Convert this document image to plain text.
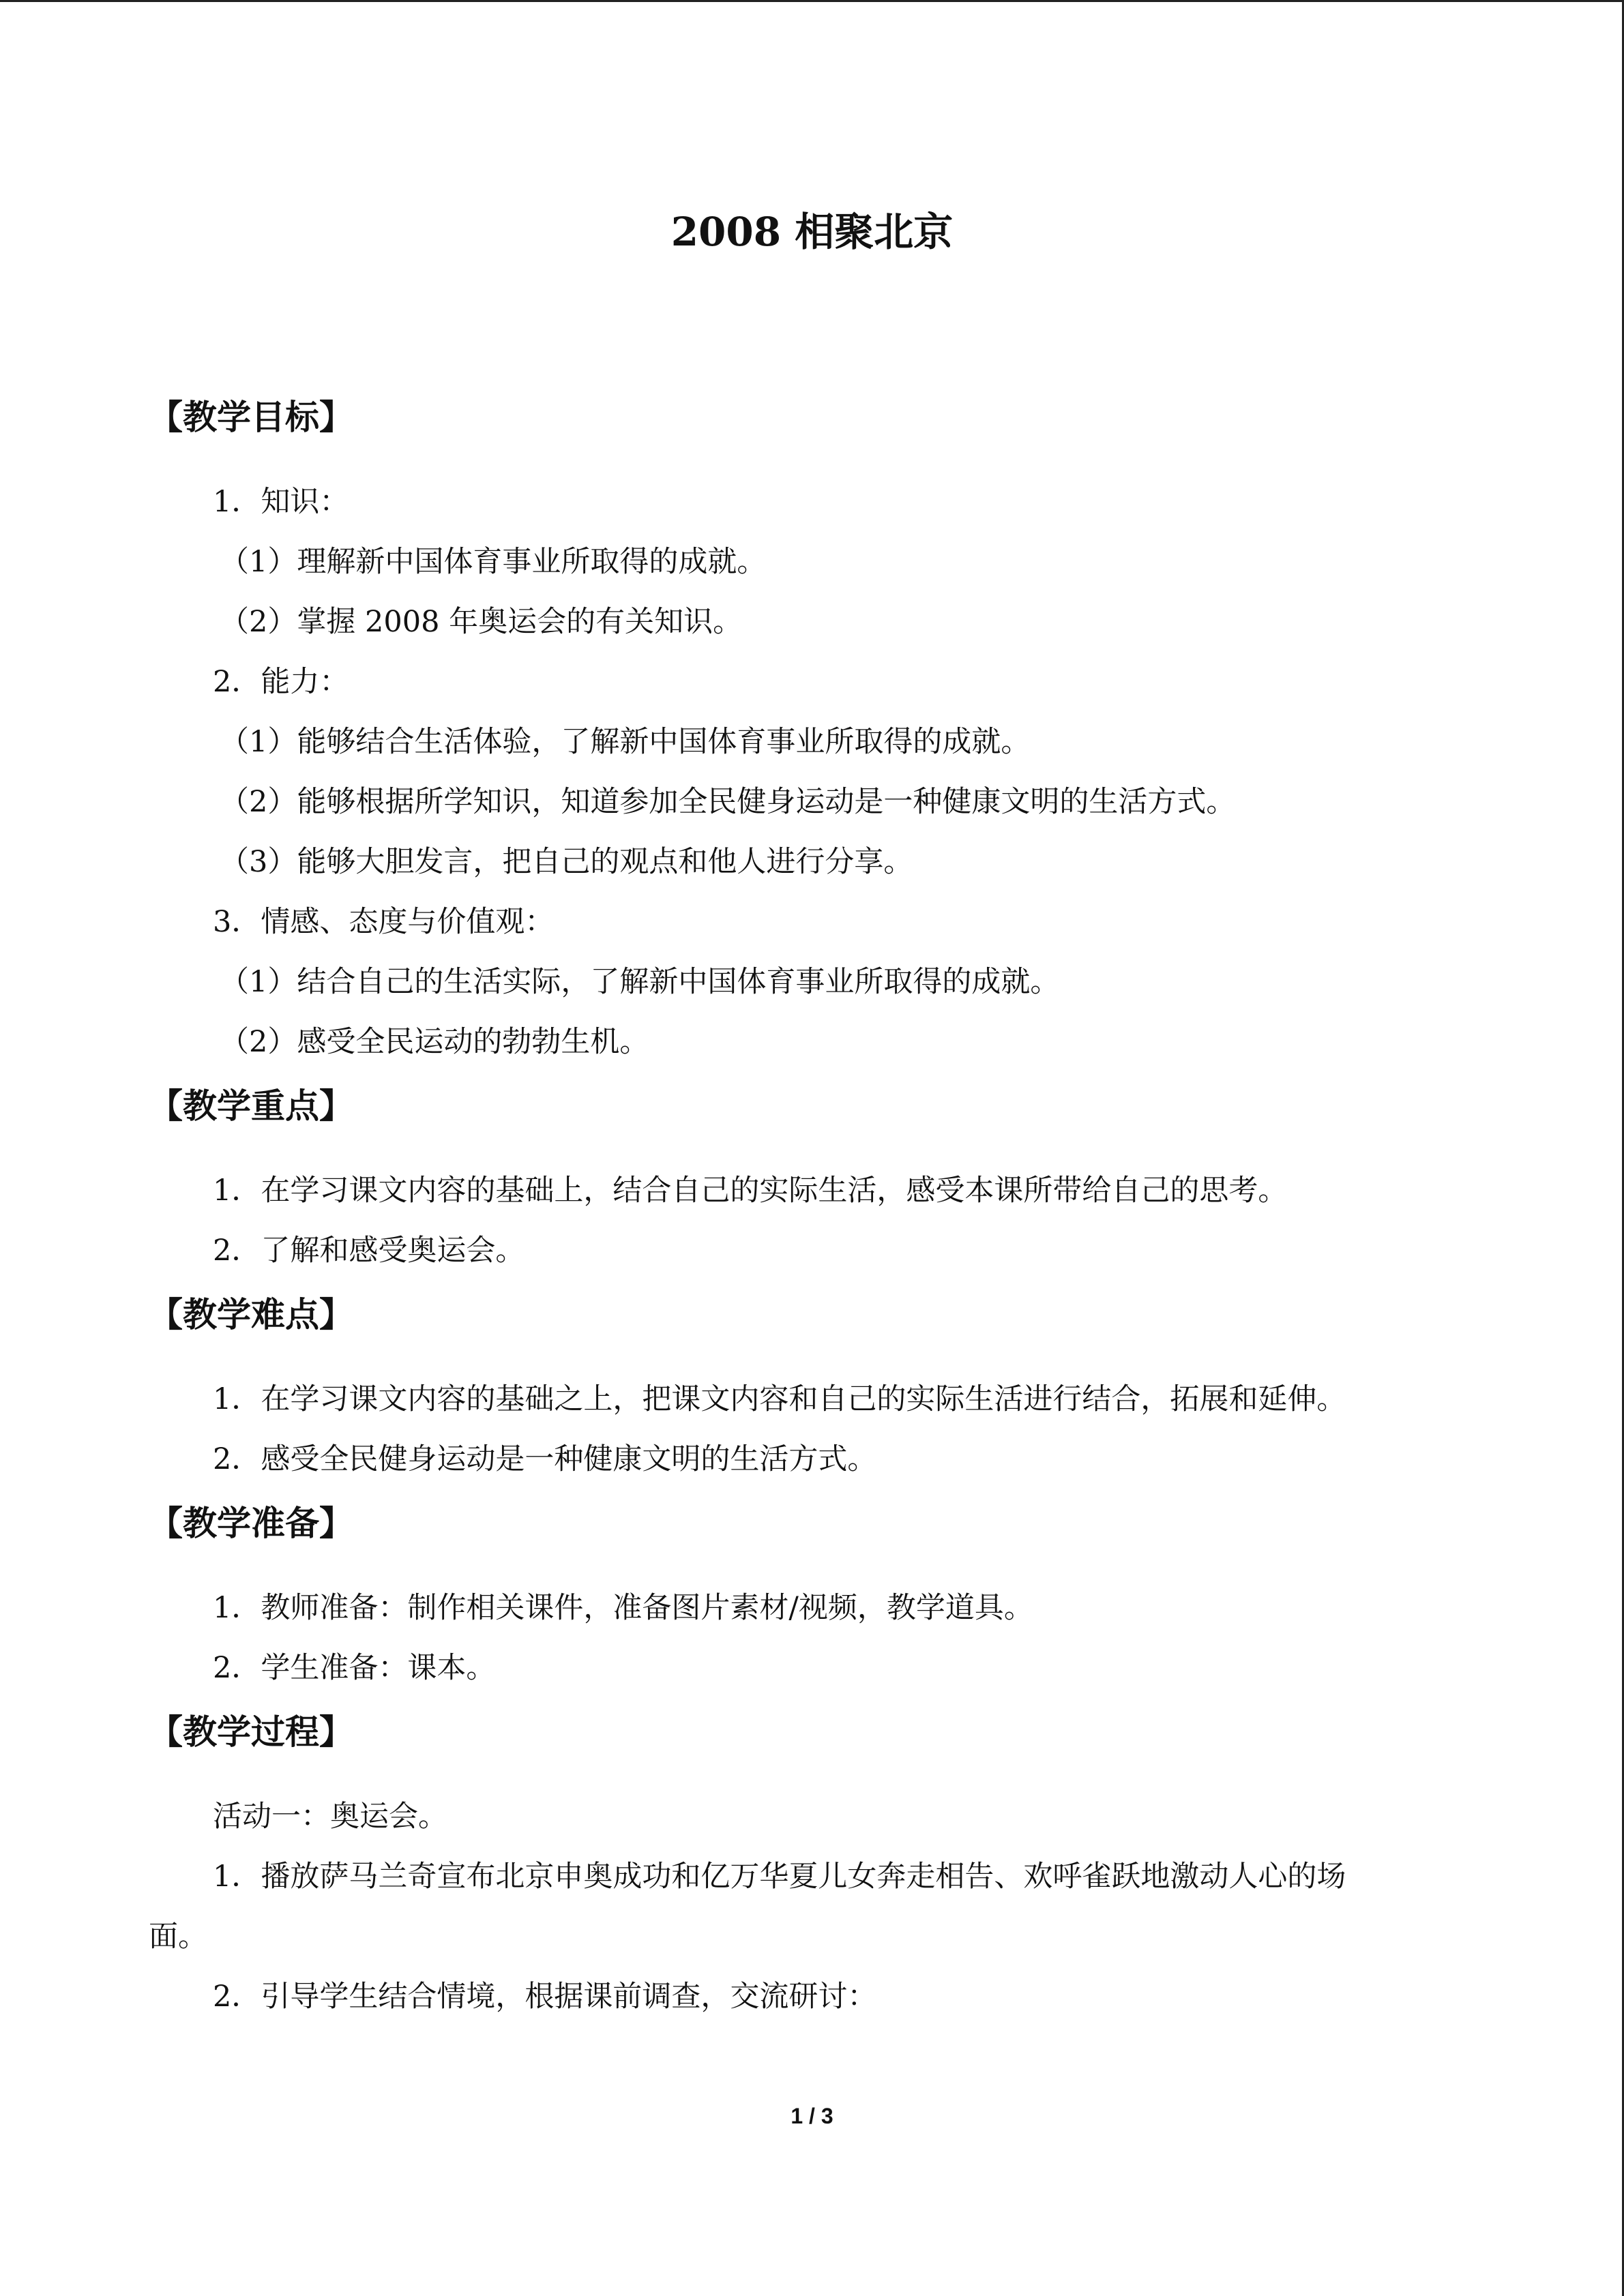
2008 相聚北京
【教学目标】
1．知识：
（1）理解新中国体育事业所取得的成就。
（2）掌握 2008 年奥运会的有关知识。
2．能力：
（1）能够结合生活体验，了解新中国体育事业所取得的成就。
（2）能够根据所学知识，知道参加全民健身运动是一种健康文明的生活方式。
（3）能够大胆发言，把自己的观点和他人进行分享。
3．情感、态度与价值观：
（1）结合自己的生活实际，了解新中国体育事业所取得的成就。
（2）感受全民运动的勃勃生机。
【教学重点】
1．在学习课文内容的基础上，结合自己的实际生活，感受本课所带给自己的思考。
2．了解和感受奥运会。
【教学难点】
1．在学习课文内容的基础之上，把课文内容和自己的实际生活进行结合，拓展和延伸。
2．感受全民健身运动是一种健康文明的生活方式。
【教学准备】
1．教师准备：制作相关课件，准备图片素材/视频，教学道具。
2．学生准备：课本。
【教学过程】
活动一：奥运会。
1．播放萨马兰奇宣布北京申奥成功和亿万华夏儿女奔走相告、欢呼雀跃地激动人心的场
面。
2．引导学生结合情境，根据课前调查，交流研讨：
1 / 3
